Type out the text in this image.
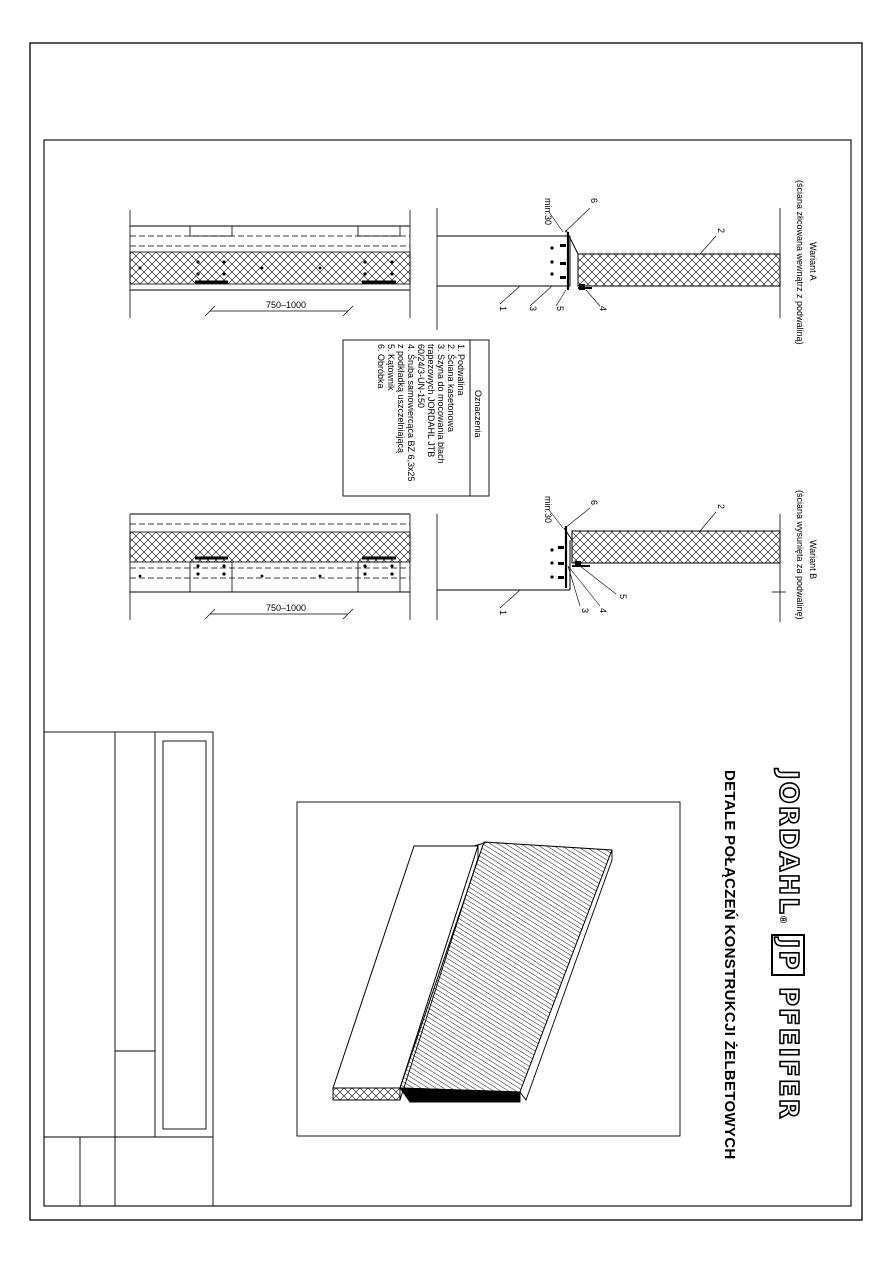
Wariant A
(ściana złicowana wewnątrz z podwaliną)
750–1000
min.30	6
2
1 3 5	4
Wariant B
(ściana wysunięta za podwalinę)
750–1000
min.30	6
2
1	3 4
5
Oznaczenia
1. Podwalina
2. Ściana kasetonowa
3. Szyna do mocowania blach
trapezowych JORDAHL JTB
60/24/3-UN-150
4. Śruba samowiercąca BZ 6,3x25
z podkładką uszczelniającą
5. Kątownik
6. Obróbka
JORDAHL® JP PFEIFER
DETALE POŁĄCZEŃ KONSTRUKCJI ŻELBETOWYCH
